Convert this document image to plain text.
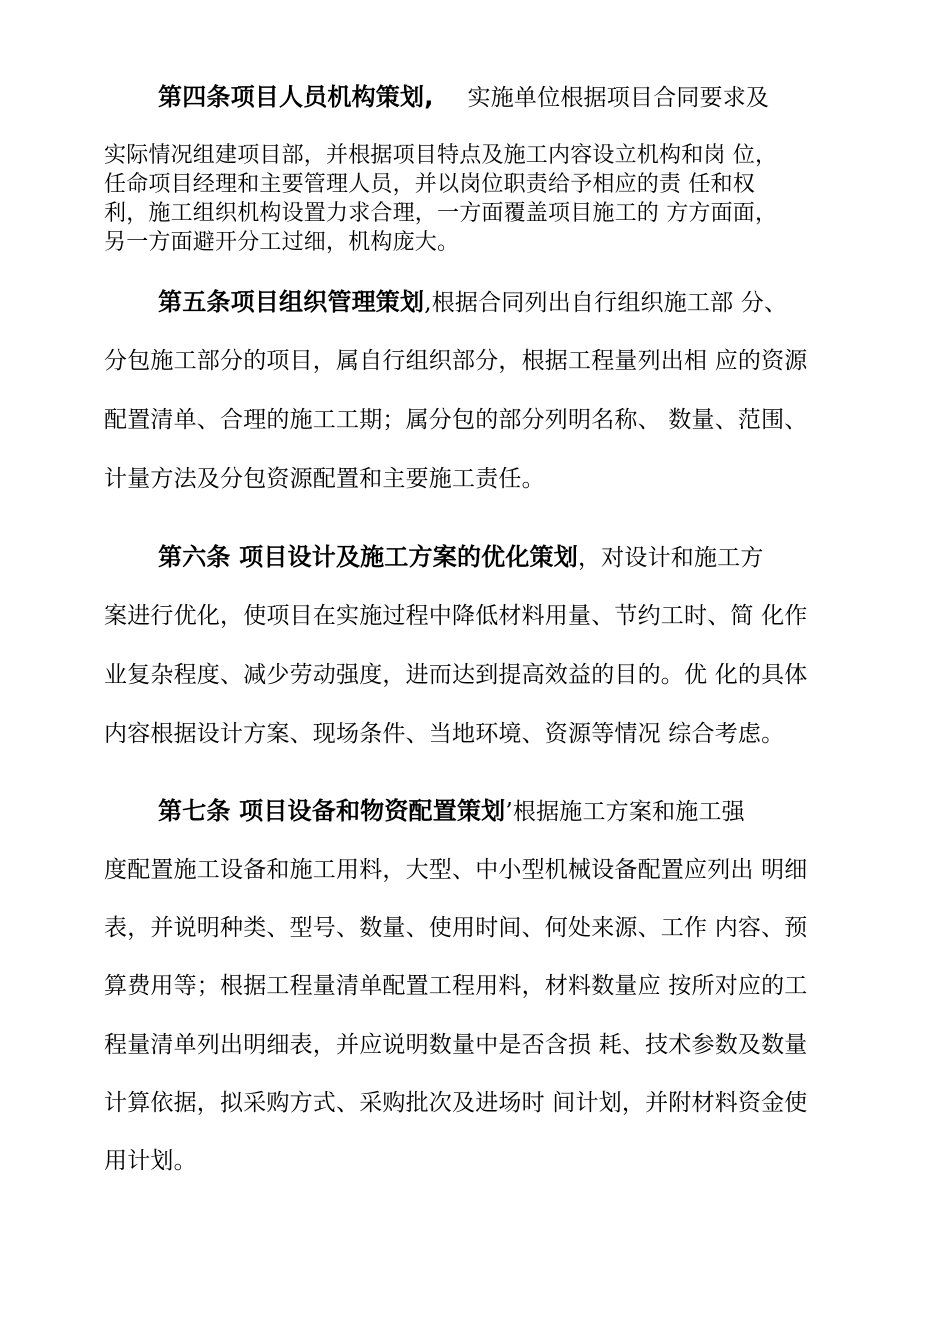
第四条项目人员机构策划, 实施单位根据项目合同要求及
实际情况组建项目部，并根据项目特点及施工内容设立机构和岗 位，
任命项目经理和主要管理人员，并以岗位职责给予相应的责 任和权
利，施工组织机构设置力求合理，一方面覆盖项目施工的 方方面面，
另一方面避开分工过细，机构庞大。
第五条项目组织管理策划,根据合同列出自行组织施工部 分、
分包施工部分的项目，属自行组织部分，根据工程量列出相 应的资源
配置清单、合理的施工工期；属分包的部分列明名称、 数量、范围、
计量方法及分包资源配置和主要施工责任。
第六条 项目设计及施工方案的优化策划，对设计和施工方
案进行优化，使项目在实施过程中降低材料用量、节约工时、简 化作
业复杂程度、减少劳动强度，进而达到提高效益的目的。优 化的具体
内容根据设计方案、现场条件、当地环境、资源等情况 综合考虑。
第七条 项目设备和物资配置策划’根据施工方案和施工强
度配置施工设备和施工用料，大型、中小型机械设备配置应列出 明细
表，并说明种类、型号、数量、使用时间、何处来源、工作 内容、预
算费用等；根据工程量清单配置工程用料，材料数量应 按所对应的工
程量清单列出明细表，并应说明数量中是否含损 耗、技术参数及数量
计算依据，拟采购方式、采购批次及进场时 间计划，并附材料资金使
用计划。
